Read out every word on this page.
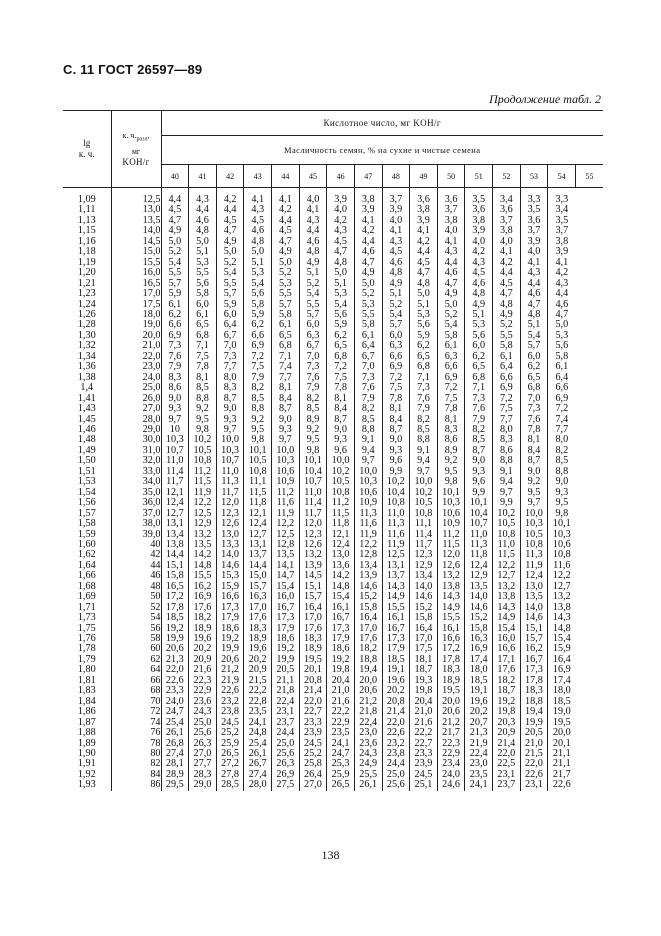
С. 11 ГОСТ 26597—89
Продолжение табл. 2
lg
к. ч.	к. $ч._{разл}$,
мг
KOH/г	Кислотное число, мг KOH/г															
		Масличность семян, % на сухие и чистые семена															
		40	41	42	43	44	45	46	47	48	49	50	51	52	53	54	55
1,09	12,5	4,4	4,3	4,2	4,1	4,1	4,0	3,9	3,8	3,7	3,6	3,6	3,5	3,4	3,3	3,3	
1,11	13,0	4,5	4,4	4,4	4,3	4,2	4,1	4,0	3,9	3,9	3,8	3,7	3,6	3,6	3,5	3,4	
1,13	13,5	4,7	4,6	4,5	4,5	4,4	4,3	4,2	4,1	4,0	3,9	3,8	3,8	3,7	3,6	3,5	
1,15	14,0	4,9	4,8	4,7	4,6	4,5	4,4	4,3	4,2	4,1	4,1	4,0	3,9	3,8	3,7	3,7	
1,16	14,5	5,0	5,0	4,9	4,8	4,7	4,6	4,5	4,4	4,3	4,2	4,1	4,0	4,0	3,9	3,8	
1,18	15,0	5,2	5,1	5,0	5,0	4,9	4,8	4,7	4,6	4,5	4,4	4,3	4,2	4,1	4,0	3,9	
1,19	15,5	5,4	5,3	5,2	5,1	5,0	4,9	4,8	4,7	4,6	4,5	4,4	4,3	4,2	4,1	4,1	
1,20	16,0	5,5	5,5	5,4	5,3	5,2	5,1	5,0	4,9	4,8	4,7	4,6	4,5	4,4	4,3	4,2	
1,21	16,5	5,7	5,6	5,5	5,4	5,3	5,2	5,1	5,0	4,9	4,8	4,7	4,6	4,5	4,4	4,3	
1,23	17,0	5,9	5,8	5,7	5,6	5,5	5,4	5,3	5,2	5,1	5,0	4,9	4,8	4,7	4,6	4,4	
1,24	17,5	6,1	6,0	5,9	5,8	5,7	5,5	5,4	5,3	5,2	5,1	5,0	4,9	4,8	4,7	4,6	
1,26	18,0	6,2	6,1	6,0	5,9	5,8	5,7	5,6	5,5	5,4	5,3	5,2	5,1	4,9	4,8	4,7	
1,28	19,0	6,6	6,5	6,4	6,2	6,1	6,0	5,9	5,8	5,7	5,6	5,4	5,3	5,2	5,1	5,0	
1,30	20,0	6,9	6,8	6,7	6,6	6,5	6,3	6,2	6,1	6,0	5,9	5,8	5,6	5,5	5,4	5,3	
1,32	21,0	7,3	7,1	7,0	6,9	6,8	6,7	6,5	6,4	6,3	6,2	6,1	6,0	5,8	5,7	5,6	
1,34	22,0	7,6	7,5	7,3	7,2	7,1	7,0	6,8	6,7	6,6	6,5	6,3	6,2	6,1	6,0	5,8	
1,36	23,0	7,9	7,8	7,7	7,5	7,4	7,3	7,2	7,0	6,9	6,8	6,6	6,5	6,4	6,2	6,1	
1,38	24,0	8,3	8,1	8,0	7,9	7,7	7,6	7,5	7,3	7,2	7,1	6,9	6,8	6,6	6,5	6,4	
1,4	25,0	8,6	8,5	8,3	8,2	8,1	7,9	7,8	7,6	7,5	7,3	7,2	7,1	6,9	6,8	6,6	
1,41	26,0	9,0	8,8	8,7	8,5	8,4	8,2	8,1	7,9	7,8	7,6	7,5	7,3	7,2	7,0	6,9	
1,43	27,0	9,3	9,2	9,0	8,8	8,7	8,5	8,4	8,2	8,1	7,9	7,8	7,6	7,5	7,3	7,2	
1,45	28,0	9,7	9,5	9,3	9,2	9,0	8,9	8,7	8,5	8,4	8,2	8,1	7,9	7,7	7,6	7,4	
1,46	29,0	10	9,8	9,7	9,5	9,3	9,2	9,0	8,8	8,7	8,5	8,3	8,2	8,0	7,8	7,7	
1,48	30,0	10,3	10,2	10,0	9,8	9,7	9,5	9,3	9,1	9,0	8,8	8,6	8,5	8,3	8,1	8,0	
1,49	31,0	10,7	10,5	10,3	10,1	10,0	9,8	9,6	9,4	9,3	9,1	8,9	8,7	8,6	8,4	8,2	
1,50	32,0	11,0	10,8	10,7	10,5	10,3	10,1	10,0	9,7	9,6	9,4	9,2	9,0	8,8	8,7	8,5	
1,51	33,0	11,4	11,2	11,0	10,8	10,6	10,4	10,2	10,0	9,9	9,7	9,5	9,3	9,1	9,0	8,8	
1,53	34,0	11,7	11,5	11,3	11,1	10,9	10,7	10,5	10,3	10,2	10,0	9,8	9,6	9,4	9,2	9,0	
1,54	35,0	12,1	11,9	11,7	11,5	11,2	11,0	10,8	10,6	10,4	10,2	10,1	9,9	9,7	9,5	9,3	
1,56	36,0	12,4	12,2	12,0	11,8	11,6	11,4	11,2	10,9	10,8	10,5	10,3	10,1	9,9	9,7	9,5	
1,57	37,0	12,7	12,5	12,3	12,1	11,9	11,7	11,5	11,3	11,0	10,8	10,6	10,4	10,2	10,0	9,8	
1,58	38,0	13,1	12,9	12,6	12,4	12,2	12,0	11,8	11,6	11,3	11,1	10,9	10,7	10,5	10,3	10,1	
1,59	39,0	13,4	13,2	13,0	12,7	12,5	12,3	12,1	11,9	11,6	11,4	11,2	11,0	10,8	10,5	10,3	
1,60	40	13,8	13,5	13,3	13,1	12,8	12,6	12,4	12,2	11,9	11,7	11,5	11,3	11,0	10,8	10,6	
1,62	42	14,4	14,2	14,0	13,7	13,5	13,2	13,0	12,8	12,5	12,3	12,0	11,8	11,5	11,3	10,8	
1,64	44	15,1	14,8	14,6	14,4	14,1	13,9	13,6	13,4	13,1	12,9	12,6	12,4	12,2	11,9	11,6	
1,66	46	15,8	15,5	15,3	15,0	14,7	14,5	14,2	13,9	13,7	13,4	13,2	12,9	12,7	12,4	12,2	
1,68	48	16,5	16,2	15,9	15,7	15,4	15,1	14,8	14,6	14,3	14,0	13,8	13,5	13,2	13,0	12,7	
1,69	50	17,2	16,9	16,6	16,3	16,0	15,7	15,4	15,2	14,9	14,6	14,3	14,0	13,8	13,5	13,2	
1,71	52	17,8	17,6	17,3	17,0	16,7	16,4	16,1	15,8	15,5	15,2	14,9	14,6	14,3	14,0	13,8	
1,73	54	18,5	18,2	17,9	17,6	17,3	17,0	16,7	16,4	16,1	15,8	15,5	15,2	14,9	14,6	14,3	
1,75	56	19,2	18,9	18,6	18,3	17,9	17,6	17,3	17,0	16,7	16,4	16,1	15,8	15,4	15,1	14,8	
1,76	58	19,9	19,6	19,2	18,9	18,6	18,3	17,9	17,6	17,3	17,0	16,6	16,3	16,0	15,7	15,4	
1,78	60	20,6	20,2	19,9	19,6	19,2	18,9	18,6	18,2	17,9	17,5	17,2	16,9	16,6	16,2	15,9	
1,79	62	21,3	20,9	20,6	20,2	19,9	19,5	19,2	18,8	18,5	18,1	17,8	17,4	17,1	16,7	16,4	
1,80	64	22,0	21,6	21,2	20,9	20,5	20,1	19,8	19,4	19,1	18,7	18,3	18,0	17,6	17,3	16,9	
1,81	66	22,6	22,3	21,9	21,5	21,1	20,8	20,4	20,0	19,6	19,3	18,9	18,5	18,2	17,8	17,4	
1,83	68	23,3	22,9	22,6	22,2	21,8	21,4	21,0	20,6	20,2	19,8	19,5	19,1	18,7	18,3	18,0	
1,84	70	24,0	23,6	23,2	22,8	22,4	22,0	21,6	21,2	20,8	20,4	20,0	19,6	19,2	18,8	18,5	
1,86	72	24,7	24,3	23,8	23,5	23,1	22,7	22,2	21,8	21,4	21,0	20,6	20,2	19,8	19,4	19,0	
1,87	74	25,4	25,0	24,5	24,1	23,7	23,3	22,9	22,4	22,0	21,6	21,2	20,7	20,3	19,9	19,5	
1,88	76	26,1	25,6	25,2	24,8	24,4	23,9	23,5	23,0	22,6	22,2	21,7	21,3	20,9	20,5	20,0	
1,89	78	26,8	26,3	25,9	25,4	25,0	24,5	24,1	23,6	23,2	22,7	22,3	21,9	21,4	21,0	20,1	
1,90	80	27,4	27,0	26,5	26,1	25,6	25,2	24,7	24,3	23,8	23,3	22,9	22,4	22,0	21,5	21,1	
1,91	82	28,1	27,7	27,2	26,7	26,3	25,8	25,3	24,9	24,4	23,9	23,4	23,0	22,5	22,0	21,1	
1,92	84	28,9	28,3	27,8	27,4	26,9	26,4	25,9	25,5	25,0	24,5	24,0	23,5	23,1	22,6	21,7	
1,93	86	29,5	29,0	28,5	28,0	27,5	27,0	26,5	26,1	25,6	25,1	24,6	24,1	23,7	23,1	22,6	
138
